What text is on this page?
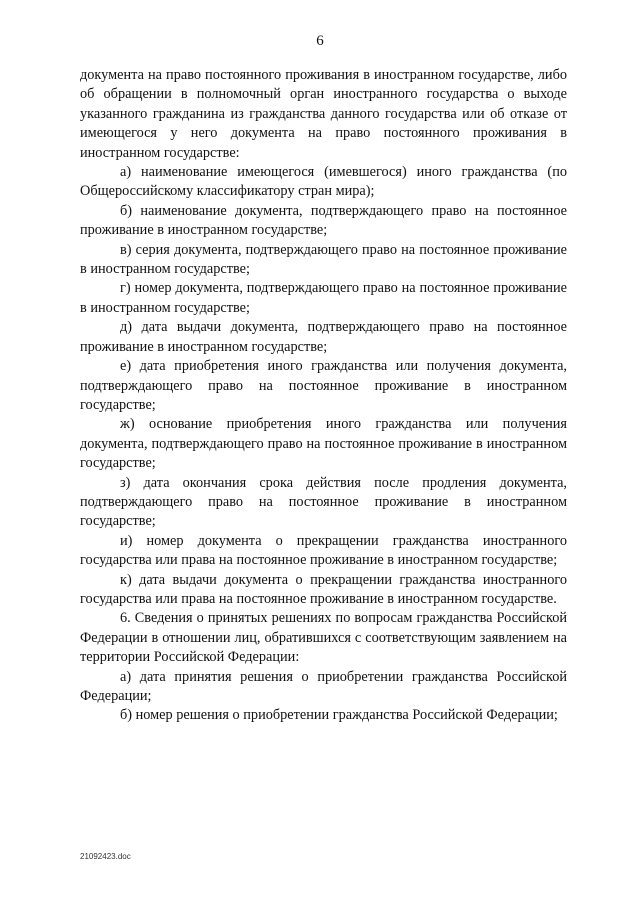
6

документа на право постоянного проживания в иностранном государстве, либо об обращении в полномочный орган иностранного государства о выходе указанного гражданина из гражданства данного государства или об отказе от имеющегося у него документа на право постоянного проживания в иностранном государстве:

а) наименование имеющегося (имевшегося) иного гражданства (по Общероссийскому классификатору стран мира);

б) наименование документа, подтверждающего право на постоянное проживание в иностранном государстве;

в) серия документа, подтверждающего право на постоянное проживание в иностранном государстве;

г) номер документа, подтверждающего право на постоянное проживание в иностранном государстве;

д) дата выдачи документа, подтверждающего право на постоянное проживание в иностранном государстве;

е) дата приобретения иного гражданства или получения документа, подтверждающего право на постоянное проживание в иностранном государстве;

ж) основание приобретения иного гражданства или получения документа, подтверждающего право на постоянное проживание в иностранном государстве;

з) дата окончания срока действия после продления документа, подтверждающего право на постоянное проживание в иностранном государстве;

и) номер документа о прекращении гражданства иностранного государства или права на постоянное проживание в иностранном государстве;

к) дата выдачи документа о прекращении гражданства иностранного государства или права на постоянное проживание в иностранном государстве.

6. Сведения о принятых решениях по вопросам гражданства Российской Федерации в отношении лиц, обратившихся с соответствующим заявлением на территории Российской Федерации:

а) дата принятия решения о приобретении гражданства Российской Федерации;

б) номер решения о приобретении гражданства Российской Федерации;

21092423.doc
